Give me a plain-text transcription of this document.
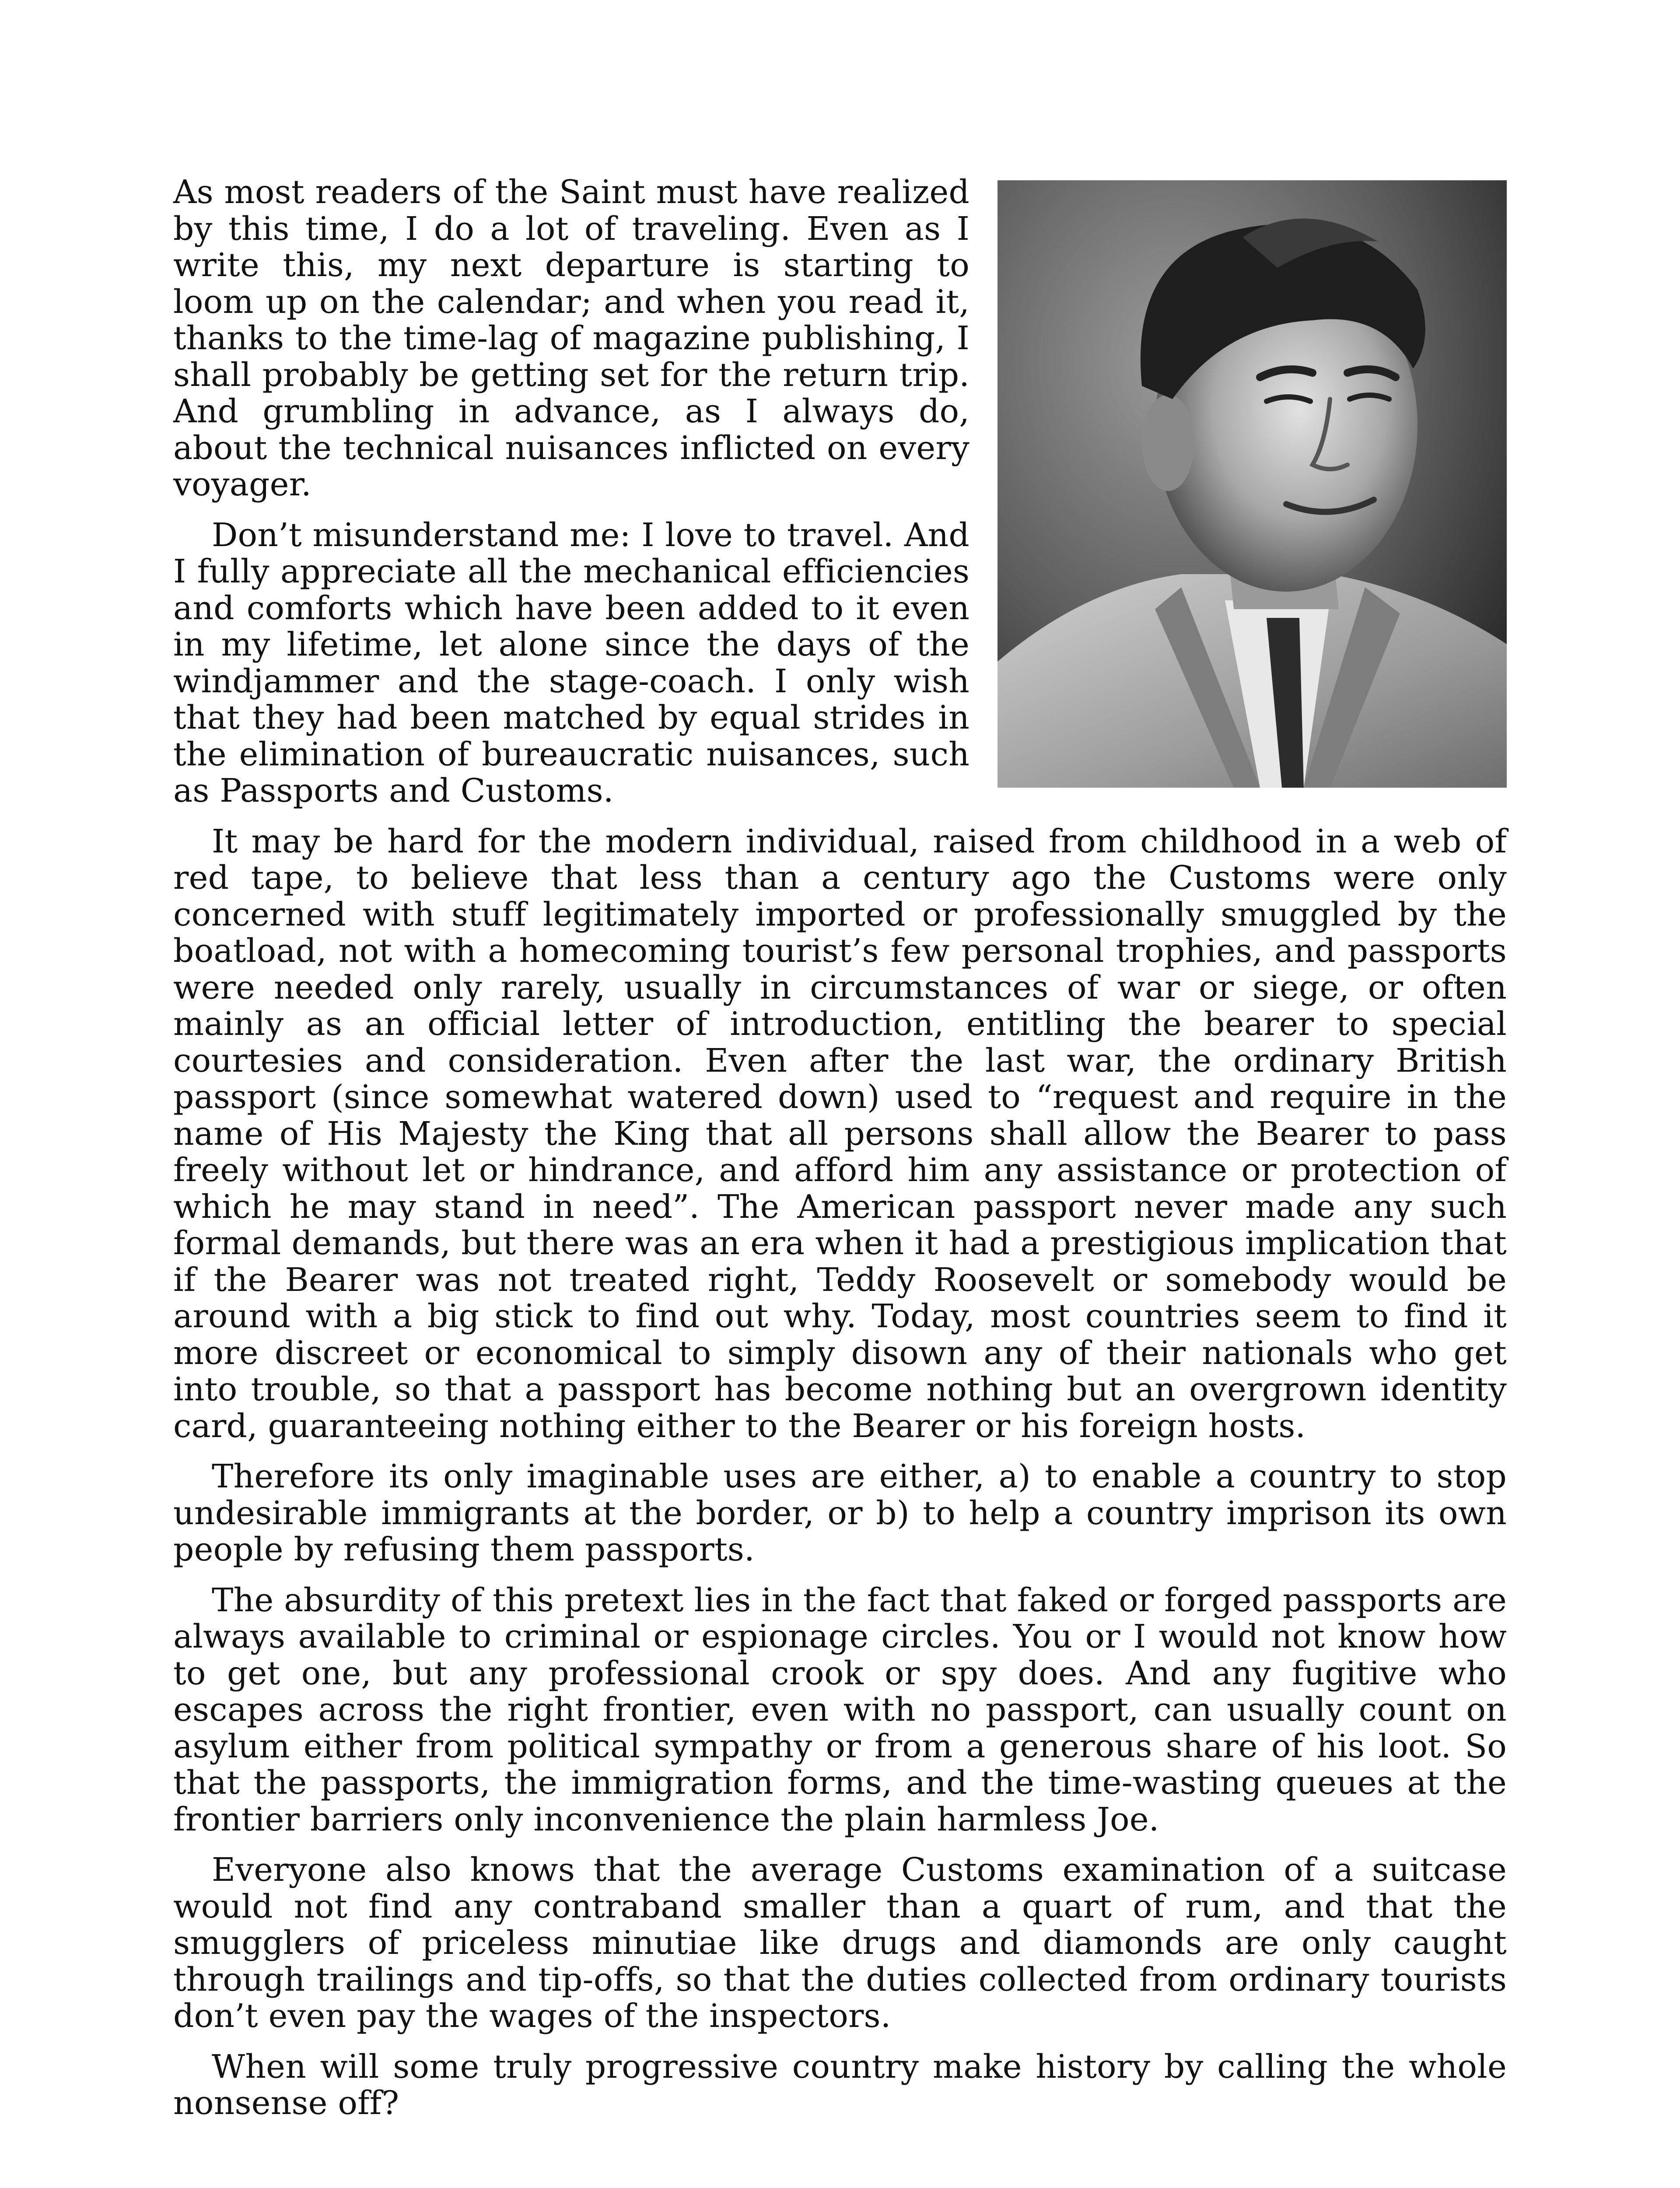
As most readers of the Saint must have realized by this time, I do a lot of traveling. Even as I write this, my next departure is starting to loom up on the calendar; and when you read it, thanks to the time-lag of magazine publishing, I shall probably be getting set for the return trip. And grumbling in advance, as I always do, about the technical nuisances inflicted on every voyager.

Don’t misunderstand me: I love to travel. And I fully appreciate all the mechanical efficiencies and comforts which have been added to it even in my lifetime, let alone since the days of the windjammer and the stage-coach. I only wish that they had been matched by equal strides in the elimination of bureaucratic nuisances, such as Passports and Customs.

It may be hard for the modern individual, raised from childhood in a web of red tape, to believe that less than a century ago the Customs were only concerned with stuff legitimately imported or professionally smuggled by the boatload, not with a homecoming tourist’s few personal trophies, and passports were needed only rarely, usually in circumstances of war or siege, or often mainly as an official letter of introduction, entitling the bearer to special courtesies and consideration. Even after the last war, the ordinary British passport (since somewhat watered down) used to “request and require in the name of His Majesty the King that all persons shall allow the Bearer to pass freely without let or hindrance, and afford him any assistance or protection of which he may stand in need”. The American passport never made any such formal demands, but there was an era when it had a prestigious implication that if the Bearer was not treated right, Teddy Roosevelt or somebody would be around with a big stick to find out why. Today, most countries seem to find it more discreet or economical to simply disown any of their nationals who get into trouble, so that a passport has become nothing but an overgrown identity card, guaranteeing nothing either to the Bearer or his foreign hosts.

Therefore its only imaginable uses are either, a) to enable a country to stop undesirable immigrants at the border, or b) to help a country imprison its own people by refusing them passports.

The absurdity of this pretext lies in the fact that faked or forged passports are always available to criminal or espionage circles. You or I would not know how to get one, but any professional crook or spy does. And any fugitive who escapes across the right frontier, even with no passport, can usually count on asylum either from political sympathy or from a generous share of his loot. So that the passports, the immigration forms, and the time-wasting queues at the frontier barriers only inconvenience the plain harmless Joe.

Everyone also knows that the average Customs examination of a suitcase would not find any contraband smaller than a quart of rum, and that the smugglers of priceless minutiae like drugs and diamonds are only caught through trailings and tip-offs, so that the duties collected from ordinary tourists don’t even pay the wages of the inspectors.

When will some truly progressive country make history by calling the whole nonsense off?
